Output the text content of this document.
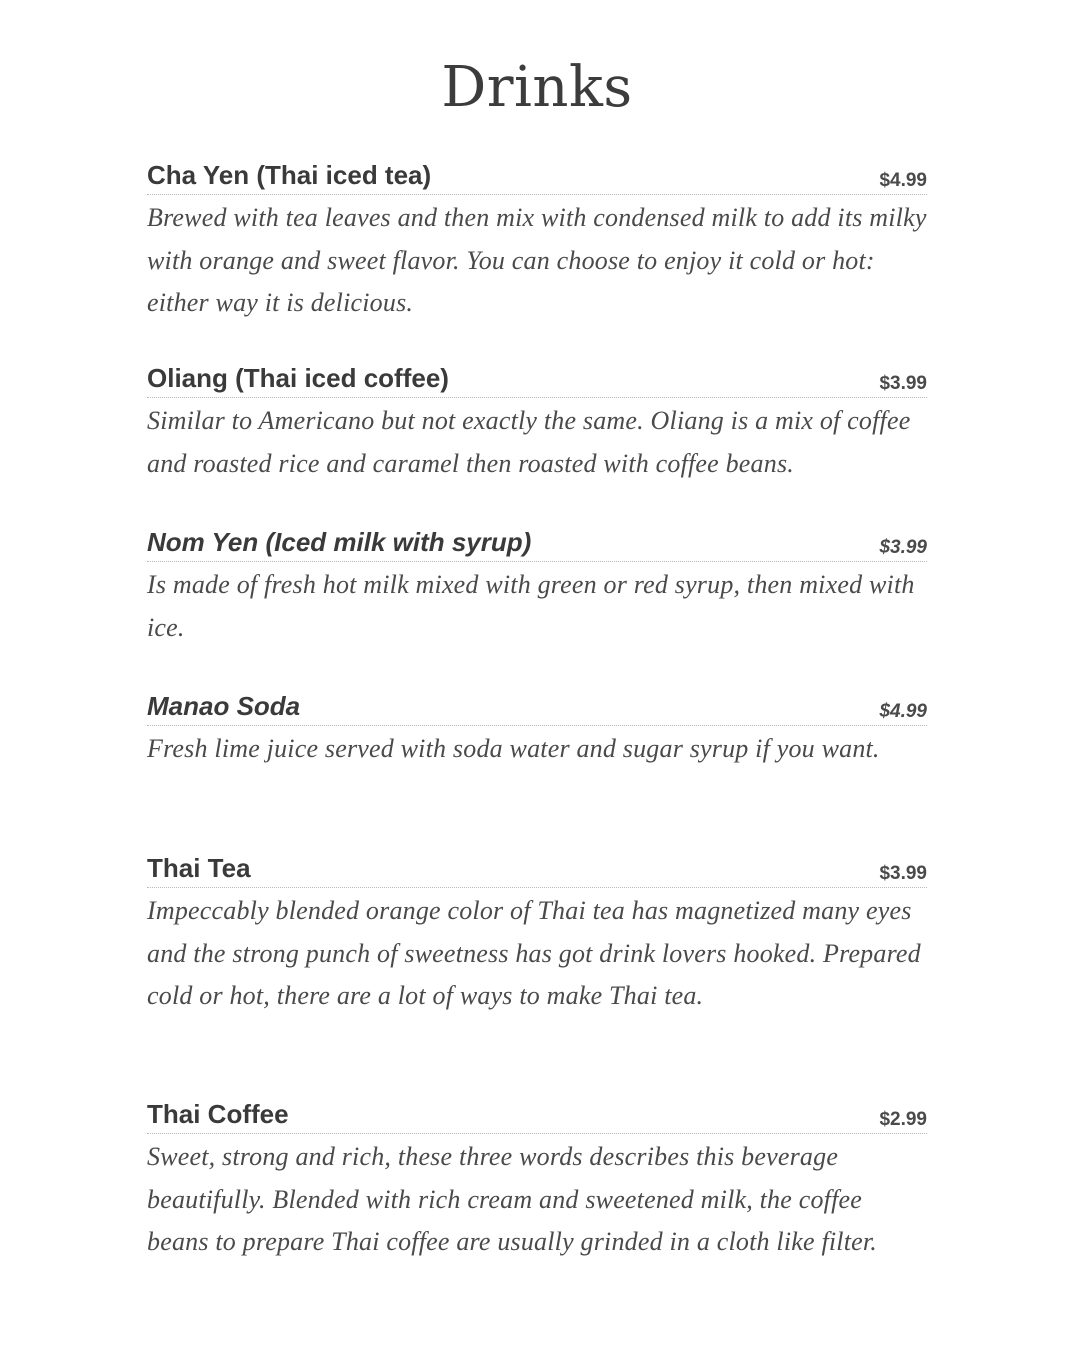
Drinks
Cha Yen (Thai iced tea)	$4.99

Brewed with tea leaves and then mix with condensed milk to add its milky with orange and sweet flavor. You can choose to enjoy it cold or hot: either way it is delicious.

Oliang (Thai iced coffee)	$3.99

Similar to Americano but not exactly the same. Oliang is a mix of coffee and roasted rice and caramel then roasted with coffee beans.

Nom Yen (Iced milk with syrup)	$3.99

Is made of fresh hot milk mixed with green or red syrup, then mixed with ice.

Manao Soda	$4.99

Fresh lime juice served with soda water and sugar syrup if you want.

Thai Tea	$3.99

Impeccably blended orange color of Thai tea has magnetized many eyes and the strong punch of sweetness has got drink lovers hooked. Prepared cold or hot, there are a lot of ways to make Thai tea.

Thai Coffee	$2.99

Sweet, strong and rich, these three words describes this beverage beautifully. Blended with rich cream and sweetened milk, the coffee beans to prepare Thai coffee are usually grinded in a cloth like filter.
